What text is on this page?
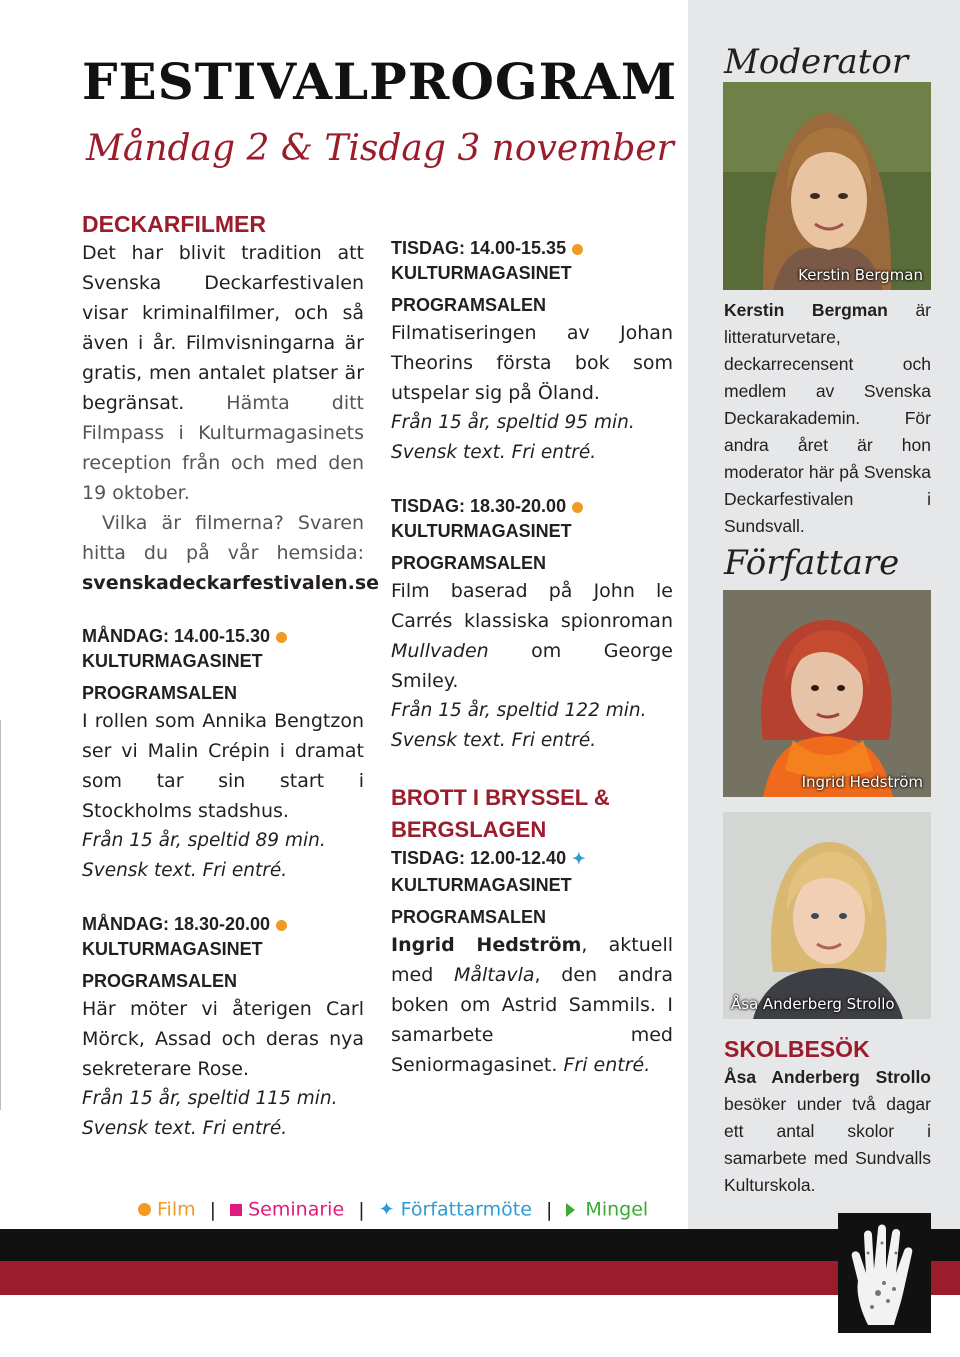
FESTIVALPROGRAM
Måndag 2 & Tisdag 3 november
DECKARFILMER
Det har blivit tradition att Svenska Deckarfestivalen visar kriminalfilmer, och så även i år. Filmvisningarna är gratis, men antalet platser är begränsat. Hämta ditt Filmpass i Kulturmagasinets reception från och med den 19 oktober.
Vilka är filmerna? Svaren hitta du på vår hemsida: svenskadeckarfestivalen.se
MÅNDAG: 14.00-15.30
KULTURMAGASINET
PROGRAMSALEN
I rollen som Annika Bengtzon ser vi Malin Crépin i dramat som tar sin start i Stockholms stadshus.
Från 15 år, speltid 89 min. Svensk text. Fri entré.
MÅNDAG: 18.30-20.00
KULTURMAGASINET
PROGRAMSALEN
Här möter vi återigen Carl Mörck, Assad och deras nya sekreterare Rose.
Från 15 år, speltid 115 min. Svensk text. Fri entré.
TISDAG: 14.00-15.35
KULTURMAGASINET
PROGRAMSALEN
Filmatiseringen av Johan Theorins första bok som utspelar sig på Öland.
Från 15 år, speltid 95 min. Svensk text. Fri entré.
TISDAG: 18.30-20.00
KULTURMAGASINET
PROGRAMSALEN
Film baserad på John le Carrés klassiska spionroman Mullvaden om George Smiley.
Från 15 år, speltid 122 min. Svensk text. Fri entré.
BROTT I BRYSSEL & BERGSLAGEN
TISDAG: 12.00-12.40 ✦
KULTURMAGASINET
PROGRAMSALEN
Ingrid Hedström, aktuell med Måltavla, den andra boken om Astrid Sammils. I samarbete med Seniormagasinet. Fri entré.
Moderator
Kerstin Bergman
Kerstin Bergman är litteraturvetare, deckarrecensent och medlem av Svenska Deckarakademin. För andra året är hon moderator här på Svenska Deckarfestivalen i Sundsvall.
Författare
Ingrid Hedström
Åsa Anderberg Strollo
SKOLBESÖK
Åsa Anderberg Strollo besöker under två dagar ett antal skolor i samarbete med Sundvalls Kulturskola.
Film | Seminarie | ✦ Författarmöte | Mingel
